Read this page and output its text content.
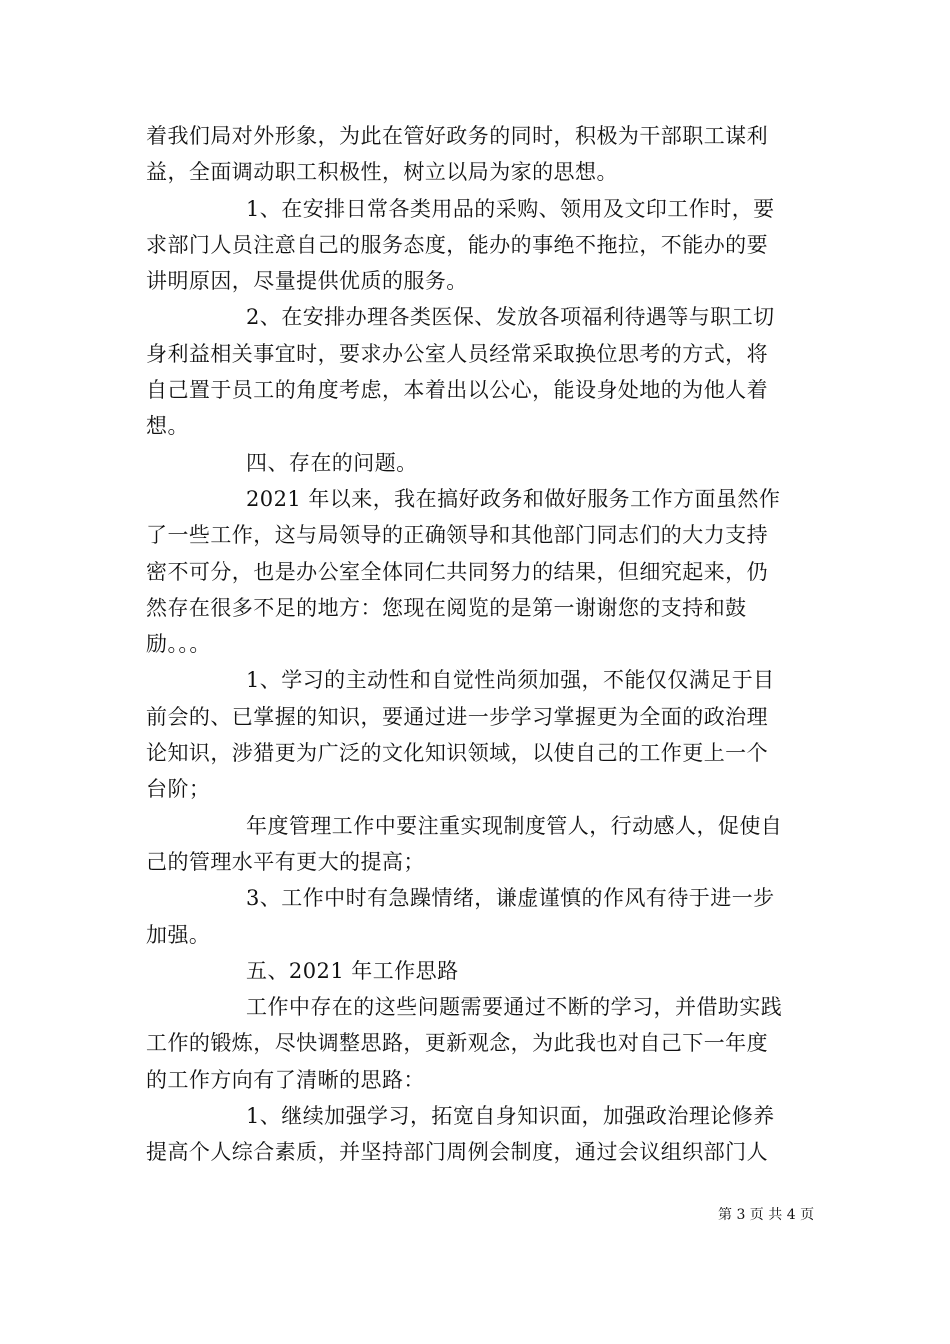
着我们局对外形象，为此在管好政务的同时，积极为干部职工谋利
益，全面调动职工积极性，树立以局为家的思想。
1、在安排日常各类用品的采购、领用及文印工作时，要
求部门人员注意自己的服务态度，能办的事绝不拖拉，不能办的要
讲明原因，尽量提供优质的服务。
2、在安排办理各类医保、发放各项福利待遇等与职工切
身利益相关事宜时，要求办公室人员经常采取换位思考的方式，将
自己置于员工的角度考虑，本着出以公心，能设身处地的为他人着
想。
四、存在的问题。
2021 年以来，我在搞好政务和做好服务工作方面虽然作
了一些工作，这与局领导的正确领导和其他部门同志们的大力支持
密不可分，也是办公室全体同仁共同努力的结果，但细究起来，仍
然存在很多不足的地方：您现在阅览的是第一谢谢您的支持和鼓
励。。。
1、学习的主动性和自觉性尚须加强，不能仅仅满足于目
前会的、已掌握的知识，要通过进一步学习掌握更为全面的政治理
论知识，涉猎更为广泛的文化知识领域，以使自己的工作更上一个
台阶；
年度管理工作中要注重实现制度管人，行动感人，促使自
己的管理水平有更大的提高；
3、工作中时有急躁情绪，谦虚谨慎的作风有待于进一步
加强。
五、2021 年工作思路
工作中存在的这些问题需要通过不断的学习，并借助实践
工作的锻炼，尽快调整思路，更新观念，为此我也对自己下一年度
的工作方向有了清晰的思路：
1、继续加强学习，拓宽自身知识面，加强政治理论修养
提高个人综合素质，并坚持部门周例会制度，通过会议组织部门人
第 3 页 共 4 页
